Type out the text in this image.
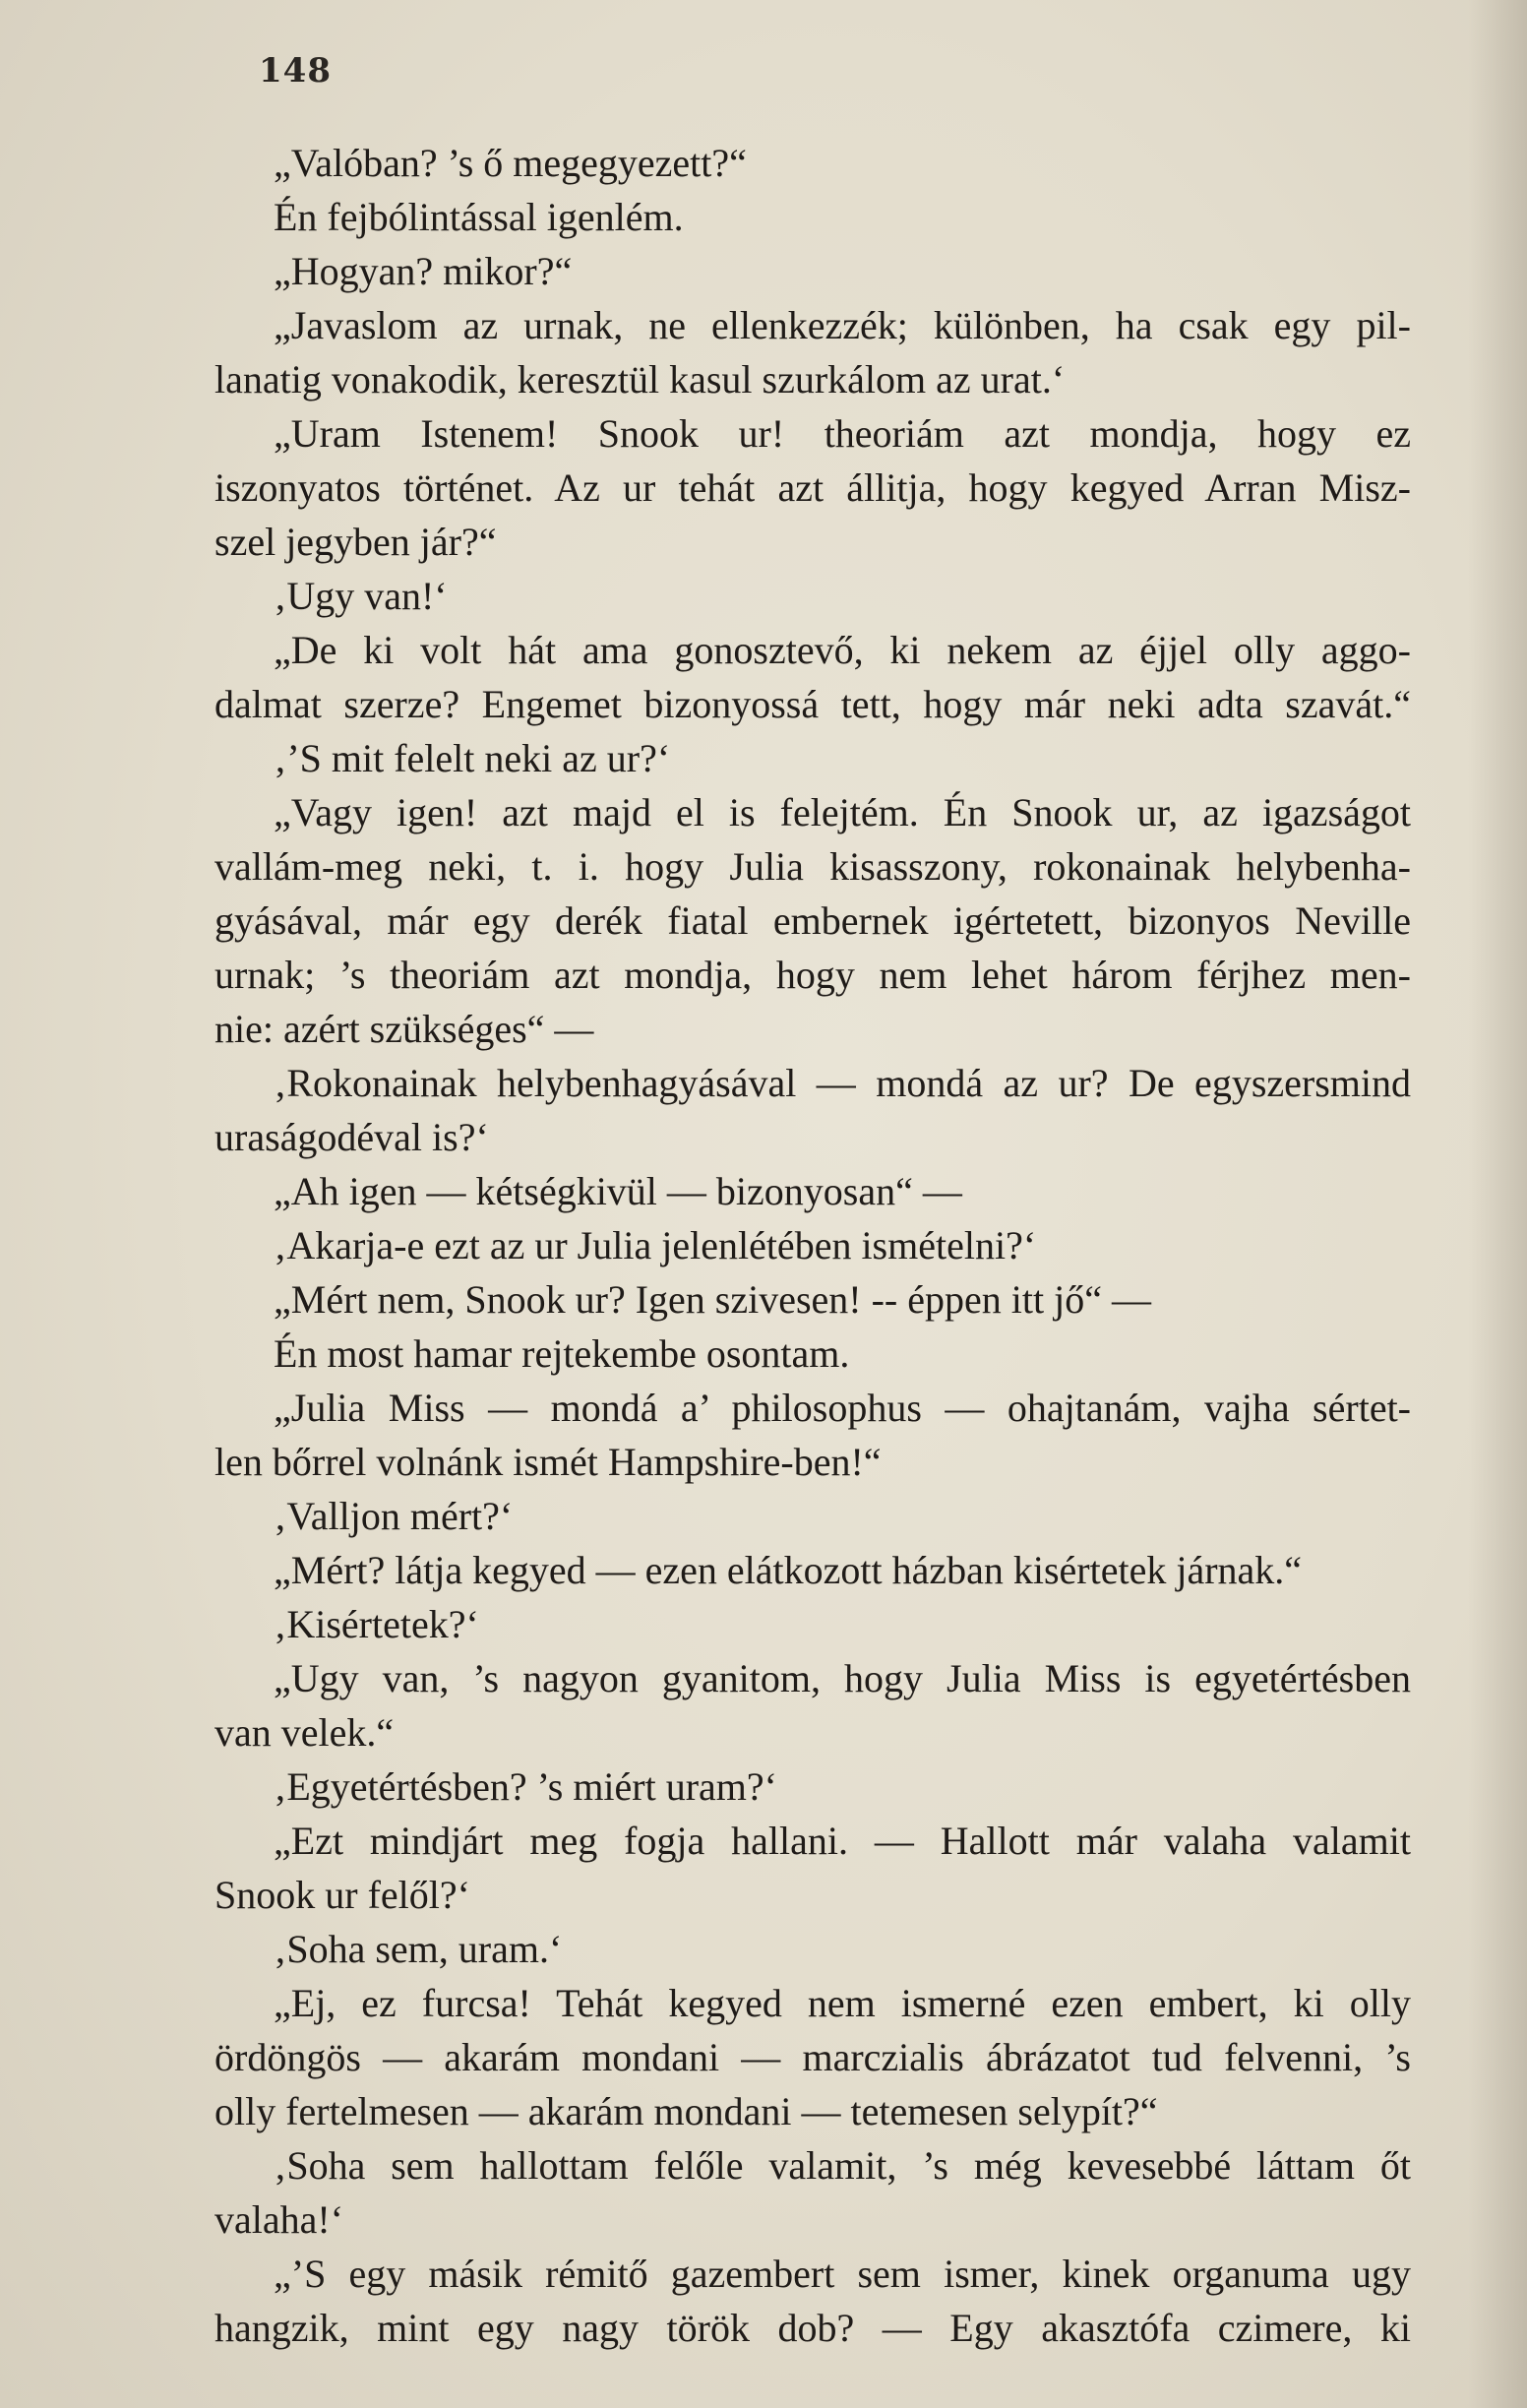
148
„Valóban? ’s ő megegyezett?“
Én fejbólintással igenlém.
„Hogyan? mikor?“
„Javaslom az urnak, ne ellenkezzék; különben, ha csak egy pil-
lanatig vonakodik, keresztül kasul szurkálom az urat.‘
„Uram Istenem! Snook ur! theoriám azt mondja, hogy ez
iszonyatos történet. Az ur tehát azt állitja, hogy kegyed Arran Misz-
szel jegyben jár?“
‚Ugy van!‘
„De ki volt hát ama gonosztevő, ki nekem az éjjel olly aggo-
dalmat szerze? Engemet bizonyossá tett, hogy már neki adta szavát.“
‚’S mit felelt neki az ur?‘
„Vagy igen! azt majd el is felejtém. Én Snook ur, az igazságot
vallám-meg neki, t. i. hogy Julia kisasszony, rokonainak helybenha-
gyásával, már egy derék fiatal embernek igértetett, bizonyos Neville
urnak; ’s theoriám azt mondja, hogy nem lehet három férjhez men-
nie: azért szükséges“ —
‚Rokonainak helybenhagyásával — mondá az ur? De egyszersmind
uraságodéval is?‘
„Ah igen — kétségkivül — bizonyosan“ —
‚Akarja-e ezt az ur Julia jelenlétében ismételni?‘
„Mért nem, Snook ur? Igen szivesen! -- éppen itt jő“ —
Én most hamar rejtekembe osontam.
„Julia Miss — mondá a’ philosophus — ohajtanám, vajha sértet-
len bőrrel volnánk ismét Hampshire-ben!“
‚Valljon mért?‘
„Mért? látja kegyed — ezen elátkozott házban kisértetek járnak.“
‚Kisértetek?‘
„Ugy van, ’s nagyon gyanitom, hogy Julia Miss is egyetértésben
van velek.“
‚Egyetértésben? ’s miért uram?‘
„Ezt mindjárt meg fogja hallani. — Hallott már valaha valamit
Snook ur felől?‘
‚Soha sem, uram.‘
„Ej, ez furcsa! Tehát kegyed nem ismerné ezen embert, ki olly
ördöngös — akarám mondani — marczialis ábrázatot tud felvenni, ’s
olly fertelmesen — akarám mondani — tetemesen selypít?“
‚Soha sem hallottam felőle valamit, ’s még kevesebbé láttam őt
valaha!‘
„’S egy másik rémitő gazembert sem ismer, kinek organuma ugy
hangzik, mint egy nagy török dob? — Egy akasztófa czimere, ki
